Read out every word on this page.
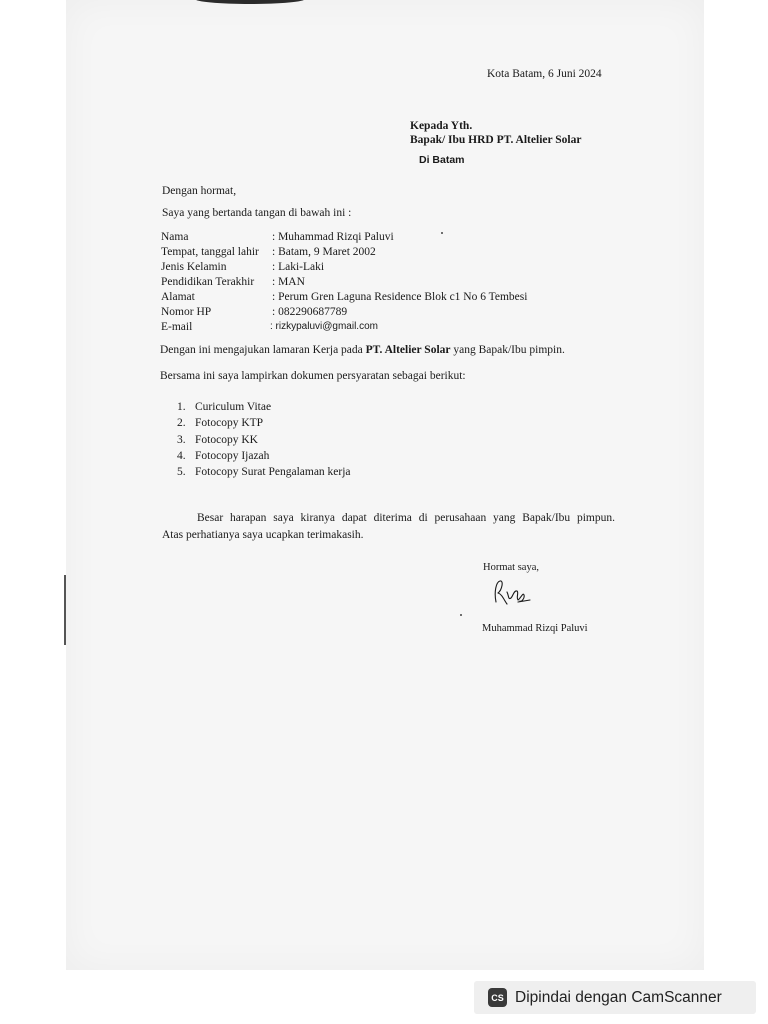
Kota Batam, 6 Juni 2024
Kepada Yth.
Bapak/ Ibu HRD PT. Altelier Solar
Di Batam
Dengan hormat,
Saya yang bertanda tangan di bawah ini :
Nama	: Muhammad Rizqi Paluvi
Tempat, tanggal lahir : Batam, 9 Maret 2002
Jenis Kelamin	: Laki-Laki
Pendidikan Terakhir : MAN
Alamat	: Perum Gren Laguna Residence Blok c1 No 6 Tembesi
Nomor HP	: 082290687789
E-mail	: rizkypaluvi@gmail.com
Dengan ini mengajukan lamaran Kerja pada PT. Altelier Solar yang Bapak/Ibu pimpin.
Bersama ini saya lampirkan dokumen persyaratan sebagai berikut:
1. Curiculum Vitae
2. Fotocopy KTP
3. Fotocopy KK
4. Fotocopy Ijazah
5. Fotocopy Surat Pengalaman kerja
Besar harapan saya kiranya dapat diterima di perusahaan yang Bapak/Ibu pimpun.
Atas perhatianya saya ucapkan terimakasih.
Hormat saya,
Muhammad Rizqi Paluvi
CS Dipindai dengan CamScanner
